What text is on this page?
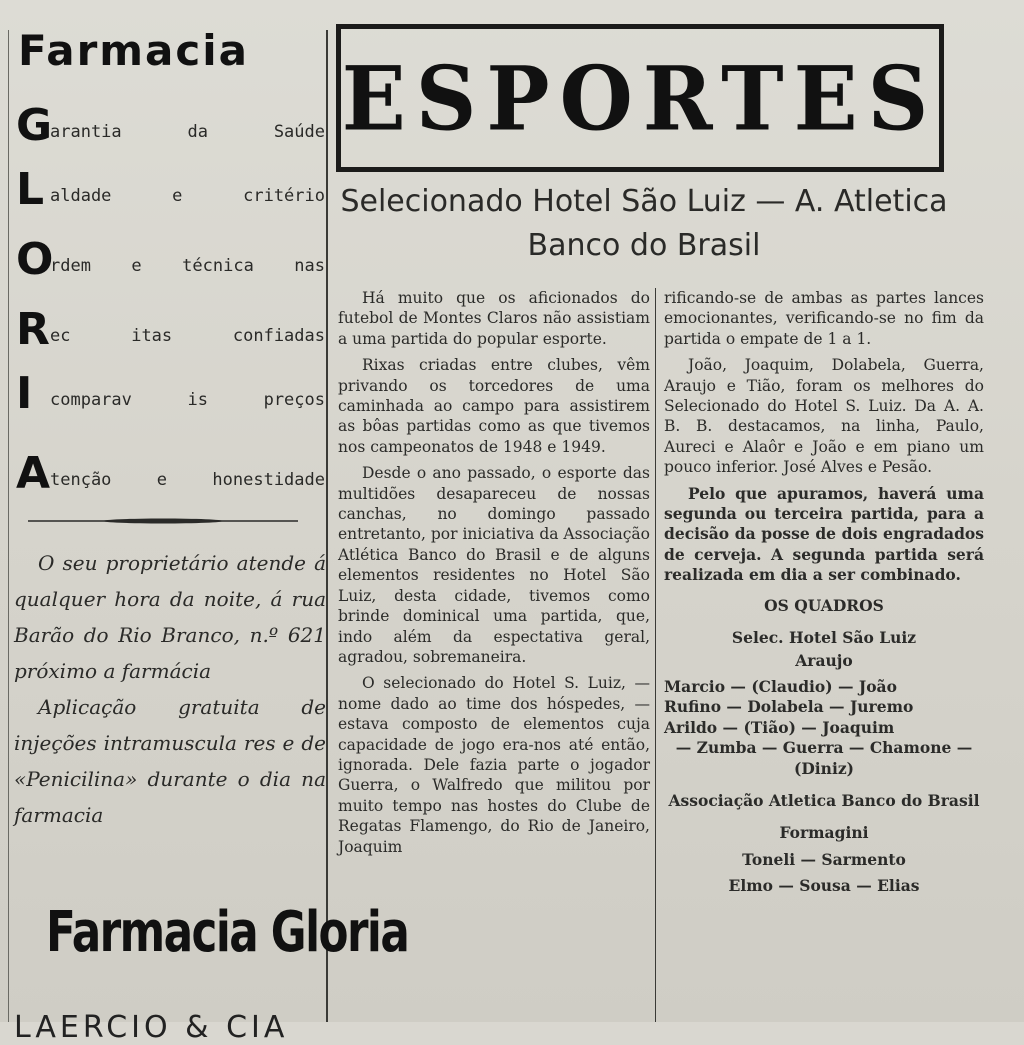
Farmacia
G
arantia da Saúde
L aldade e critério
O
rdem e técnica nas
R ec itas confiadas
I comparav is preços
A tenção e honestidade

O seu proprietário atende á qualquer hora da noite, á rua Barão do Rio Branco, n.º 621 próximo a farmácia

Aplicação gratuita de injeções intramuscula res e de «Penicilina» durante o dia na farmacia

Farmacia Gloria

LAERCIO & CIA

ESPORTES
Selecionado Hotel São Luiz — A. Atletica Banco do Brasil

Há muito que os aficionados do futebol de Montes Claros não assistiam a uma partida do popular esporte.

Rixas criadas entre clubes, vêm privando os torcedores de uma caminhada ao campo para assistirem as bôas partidas como as que tivemos nos campeonatos de 1948 e 1949.

Desde o ano passado, o esporte das multidões desapareceu de nossas canchas, no domingo passado entretanto, por iniciativa da Associação Atlética Banco do Brasil e de alguns elementos residentes no Hotel São Luiz, desta cidade, tivemos como brinde dominical uma partida, que, indo além da espectativa geral, agradou, sobremaneira.

O selecionado do Hotel S. Luiz, — nome dado ao time dos hóspedes, — estava composto de elementos cuja capacidade de jogo era-nos até então, ignorada. Dele fazia parte o jogador Guerra, o Walfredo que militou por muito tempo nas hostes do Clube de Regatas Flamengo, do Rio de Janeiro, Joaquim

rificando-se de ambas as partes lances emocionantes, verificando-se no fim da partida o empate de 1 a 1.

João, Joaquim, Dolabela, Guerra, Araujo e Tião, foram os melhores do Selecionado do Hotel S. Luiz. Da A. A. B. B. destacamos, na linha, Paulo, Aureci e Alaôr e João e em piano um pouco inferior. José Alves e Pesão.

Pelo que apuramos, haverá uma segunda ou terceira partida, para a decisão da posse de dois engradados de cerveja. A segunda partida será realizada em dia a ser combinado.

OS QUADROS

Selec. Hotel São Luiz

Araujo

Marcio — (Claudio) — João

Rufino — Dolabela — Juremo

Arildo — (Tião) — Joaquim

— Zumba — Guerra — Chamone — (Diniz)

Associação Atletica Banco do Brasil

Formagini

Toneli — Sarmento

Elmo — Sousa — Elias
